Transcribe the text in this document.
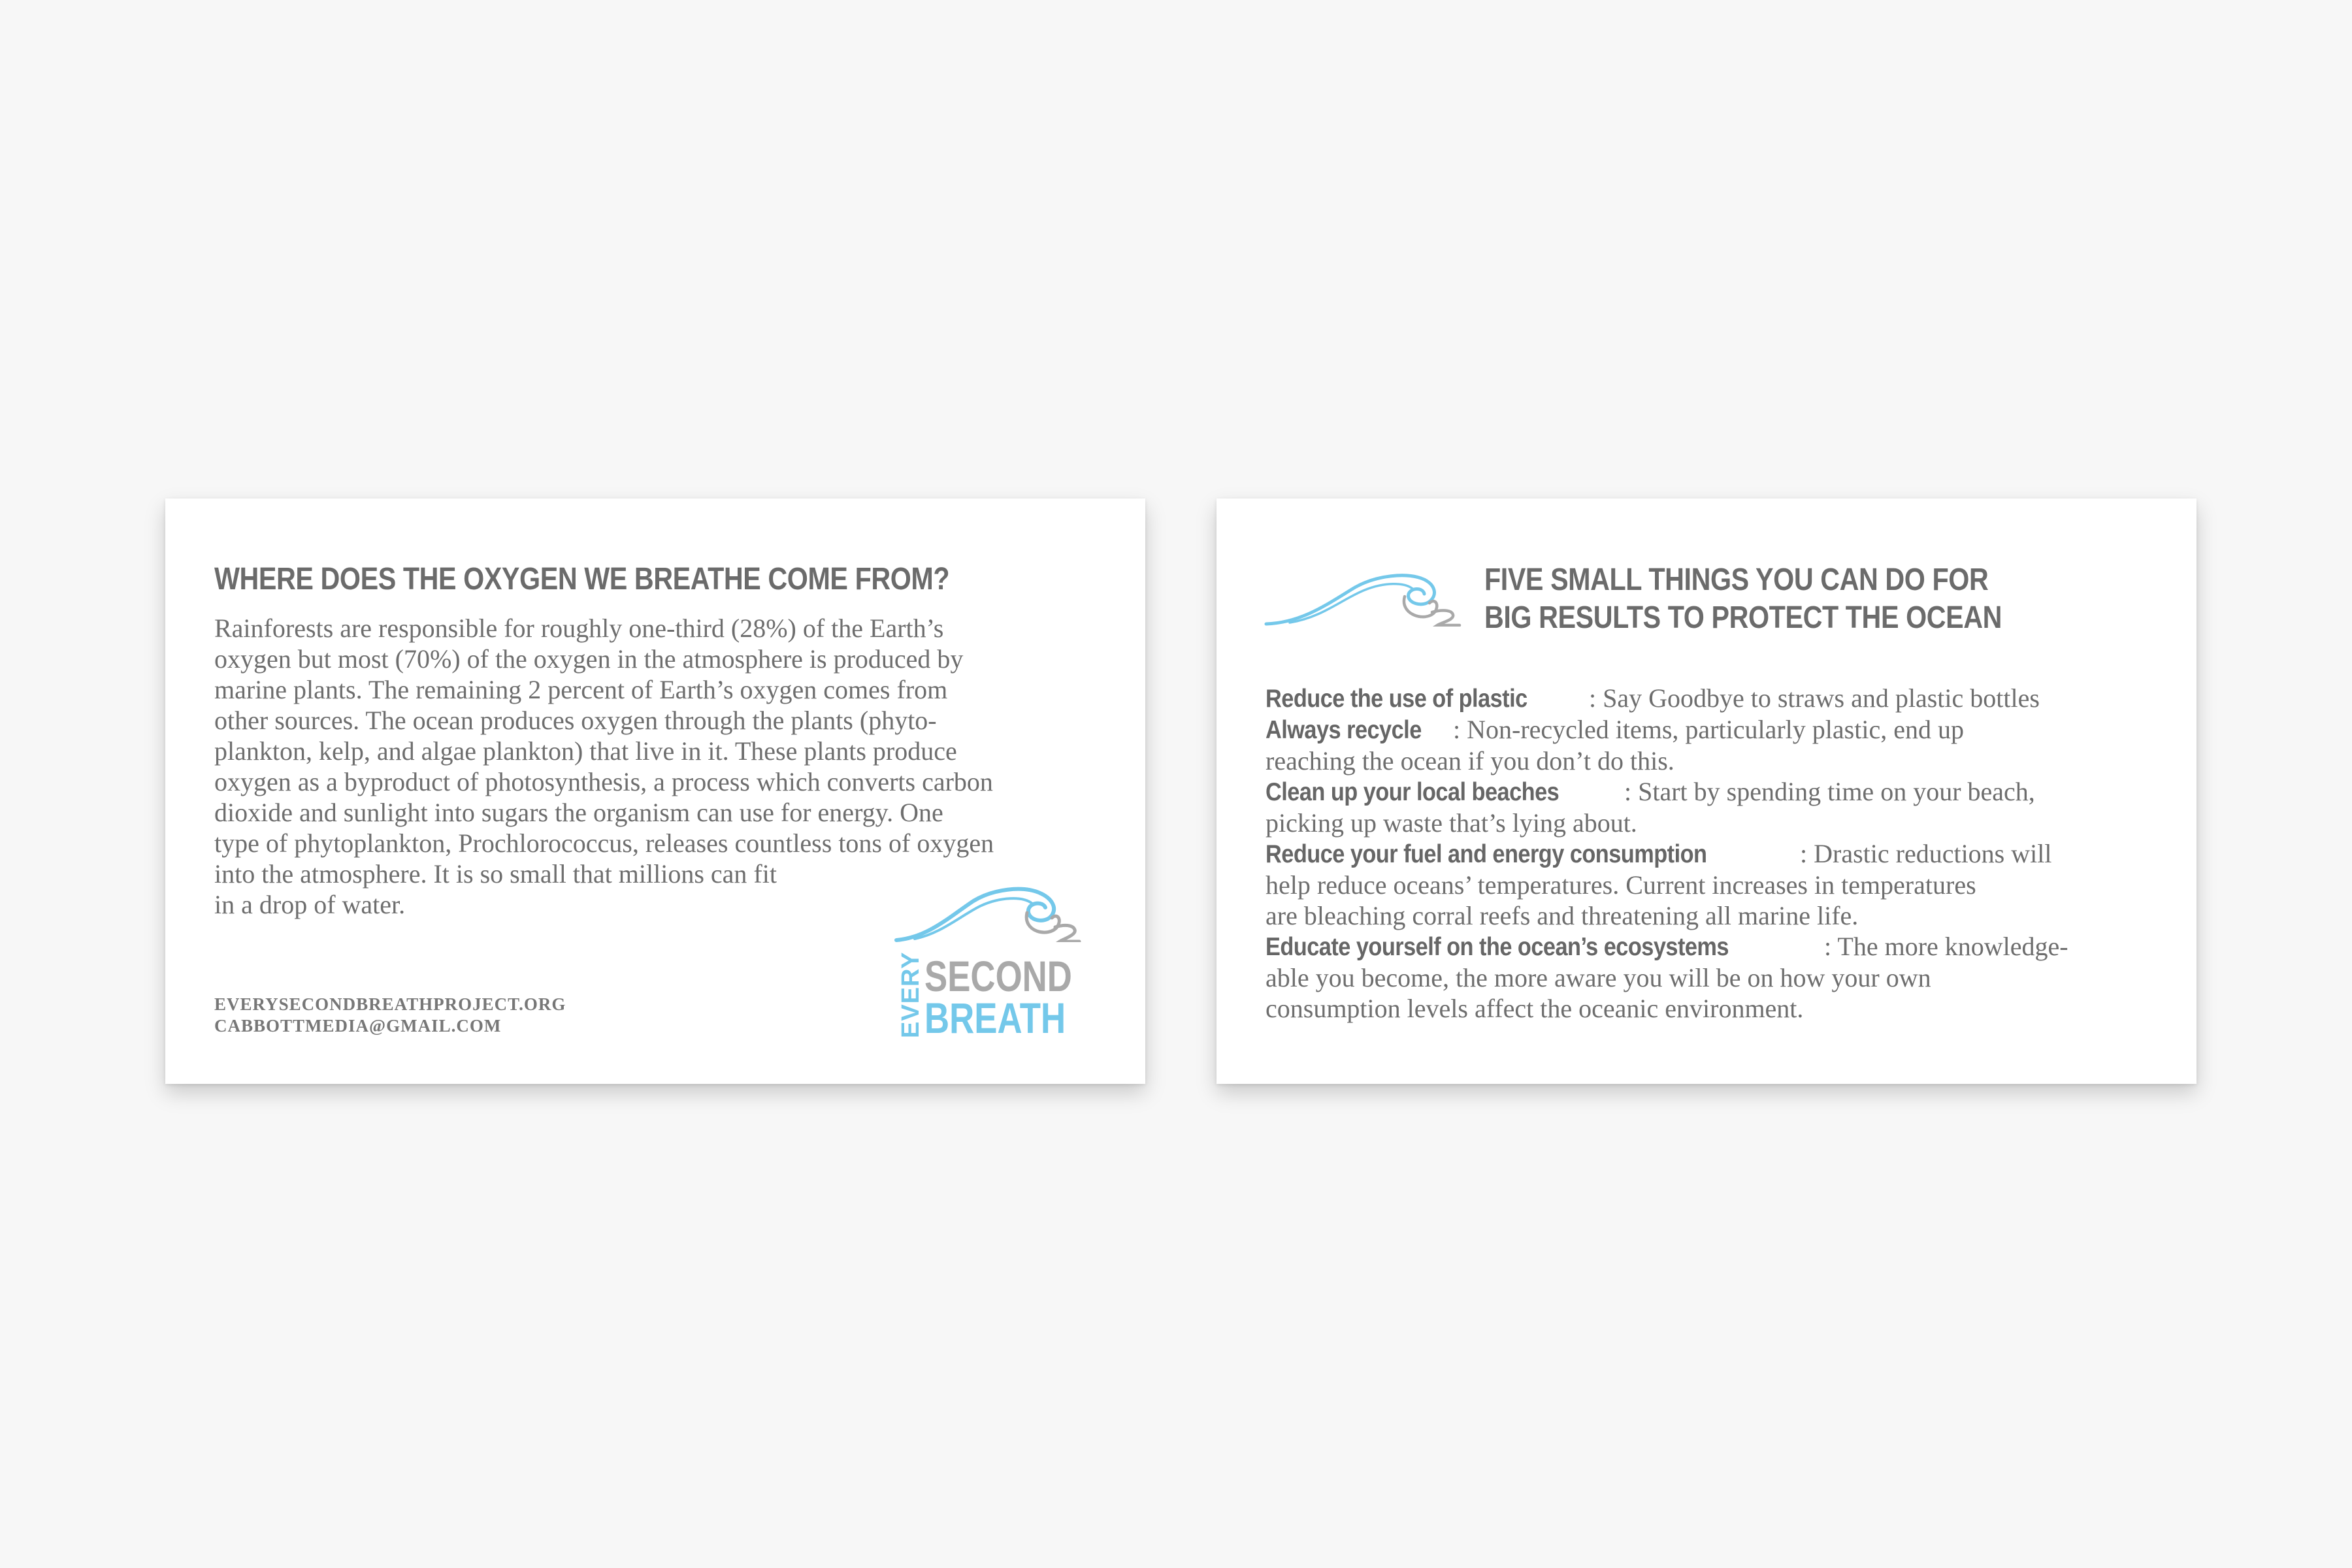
WHERE DOES THE OXYGEN WE BREATHE COME FROM?

Rainforests are responsible for roughly one-third (28%) of the Earth’s
oxygen but most (70%) of the oxygen in the atmosphere is produced by
marine plants. The remaining 2 percent of Earth’s oxygen comes from
other sources. The ocean produces oxygen through the plants (phyto-
plankton, kelp, and algae plankton) that live in it. These plants produce
oxygen as a byproduct of photosynthesis, a process which converts carbon
dioxide and sunlight into sugars the organism can use for energy. One
type of phytoplankton, Prochlorococcus, releases countless tons of oxygen
into the atmosphere. It is so small that millions can fit
in a drop of water.

EVERYSECONDBREATHPROJECT.ORG
CABBOTTMEDIA@GMAIL.COM	EVERY SECOND
BREATH
FIVE SMALL THINGS YOU CAN DO FOR
BIG RESULTS TO PROTECT THE OCEAN
Reduce the use of plastic : Say Goodbye to straws and plastic bottles
Always recycle : Non-recycled items, particularly plastic, end up
reaching the ocean if you don’t do this.
Clean up your local beaches : Start by spending time on your beach,
picking up waste that’s lying about.
Reduce your fuel and energy consumption	: Drastic reductions will
help reduce oceans’ temperatures. Current increases in temperatures
are bleaching corral reefs and threatening all marine life.
Educate yourself on the ocean’s ecosystems	: The more knowledge-
able you become, the more aware you will be on how your own
consumption levels affect the oceanic environment.
